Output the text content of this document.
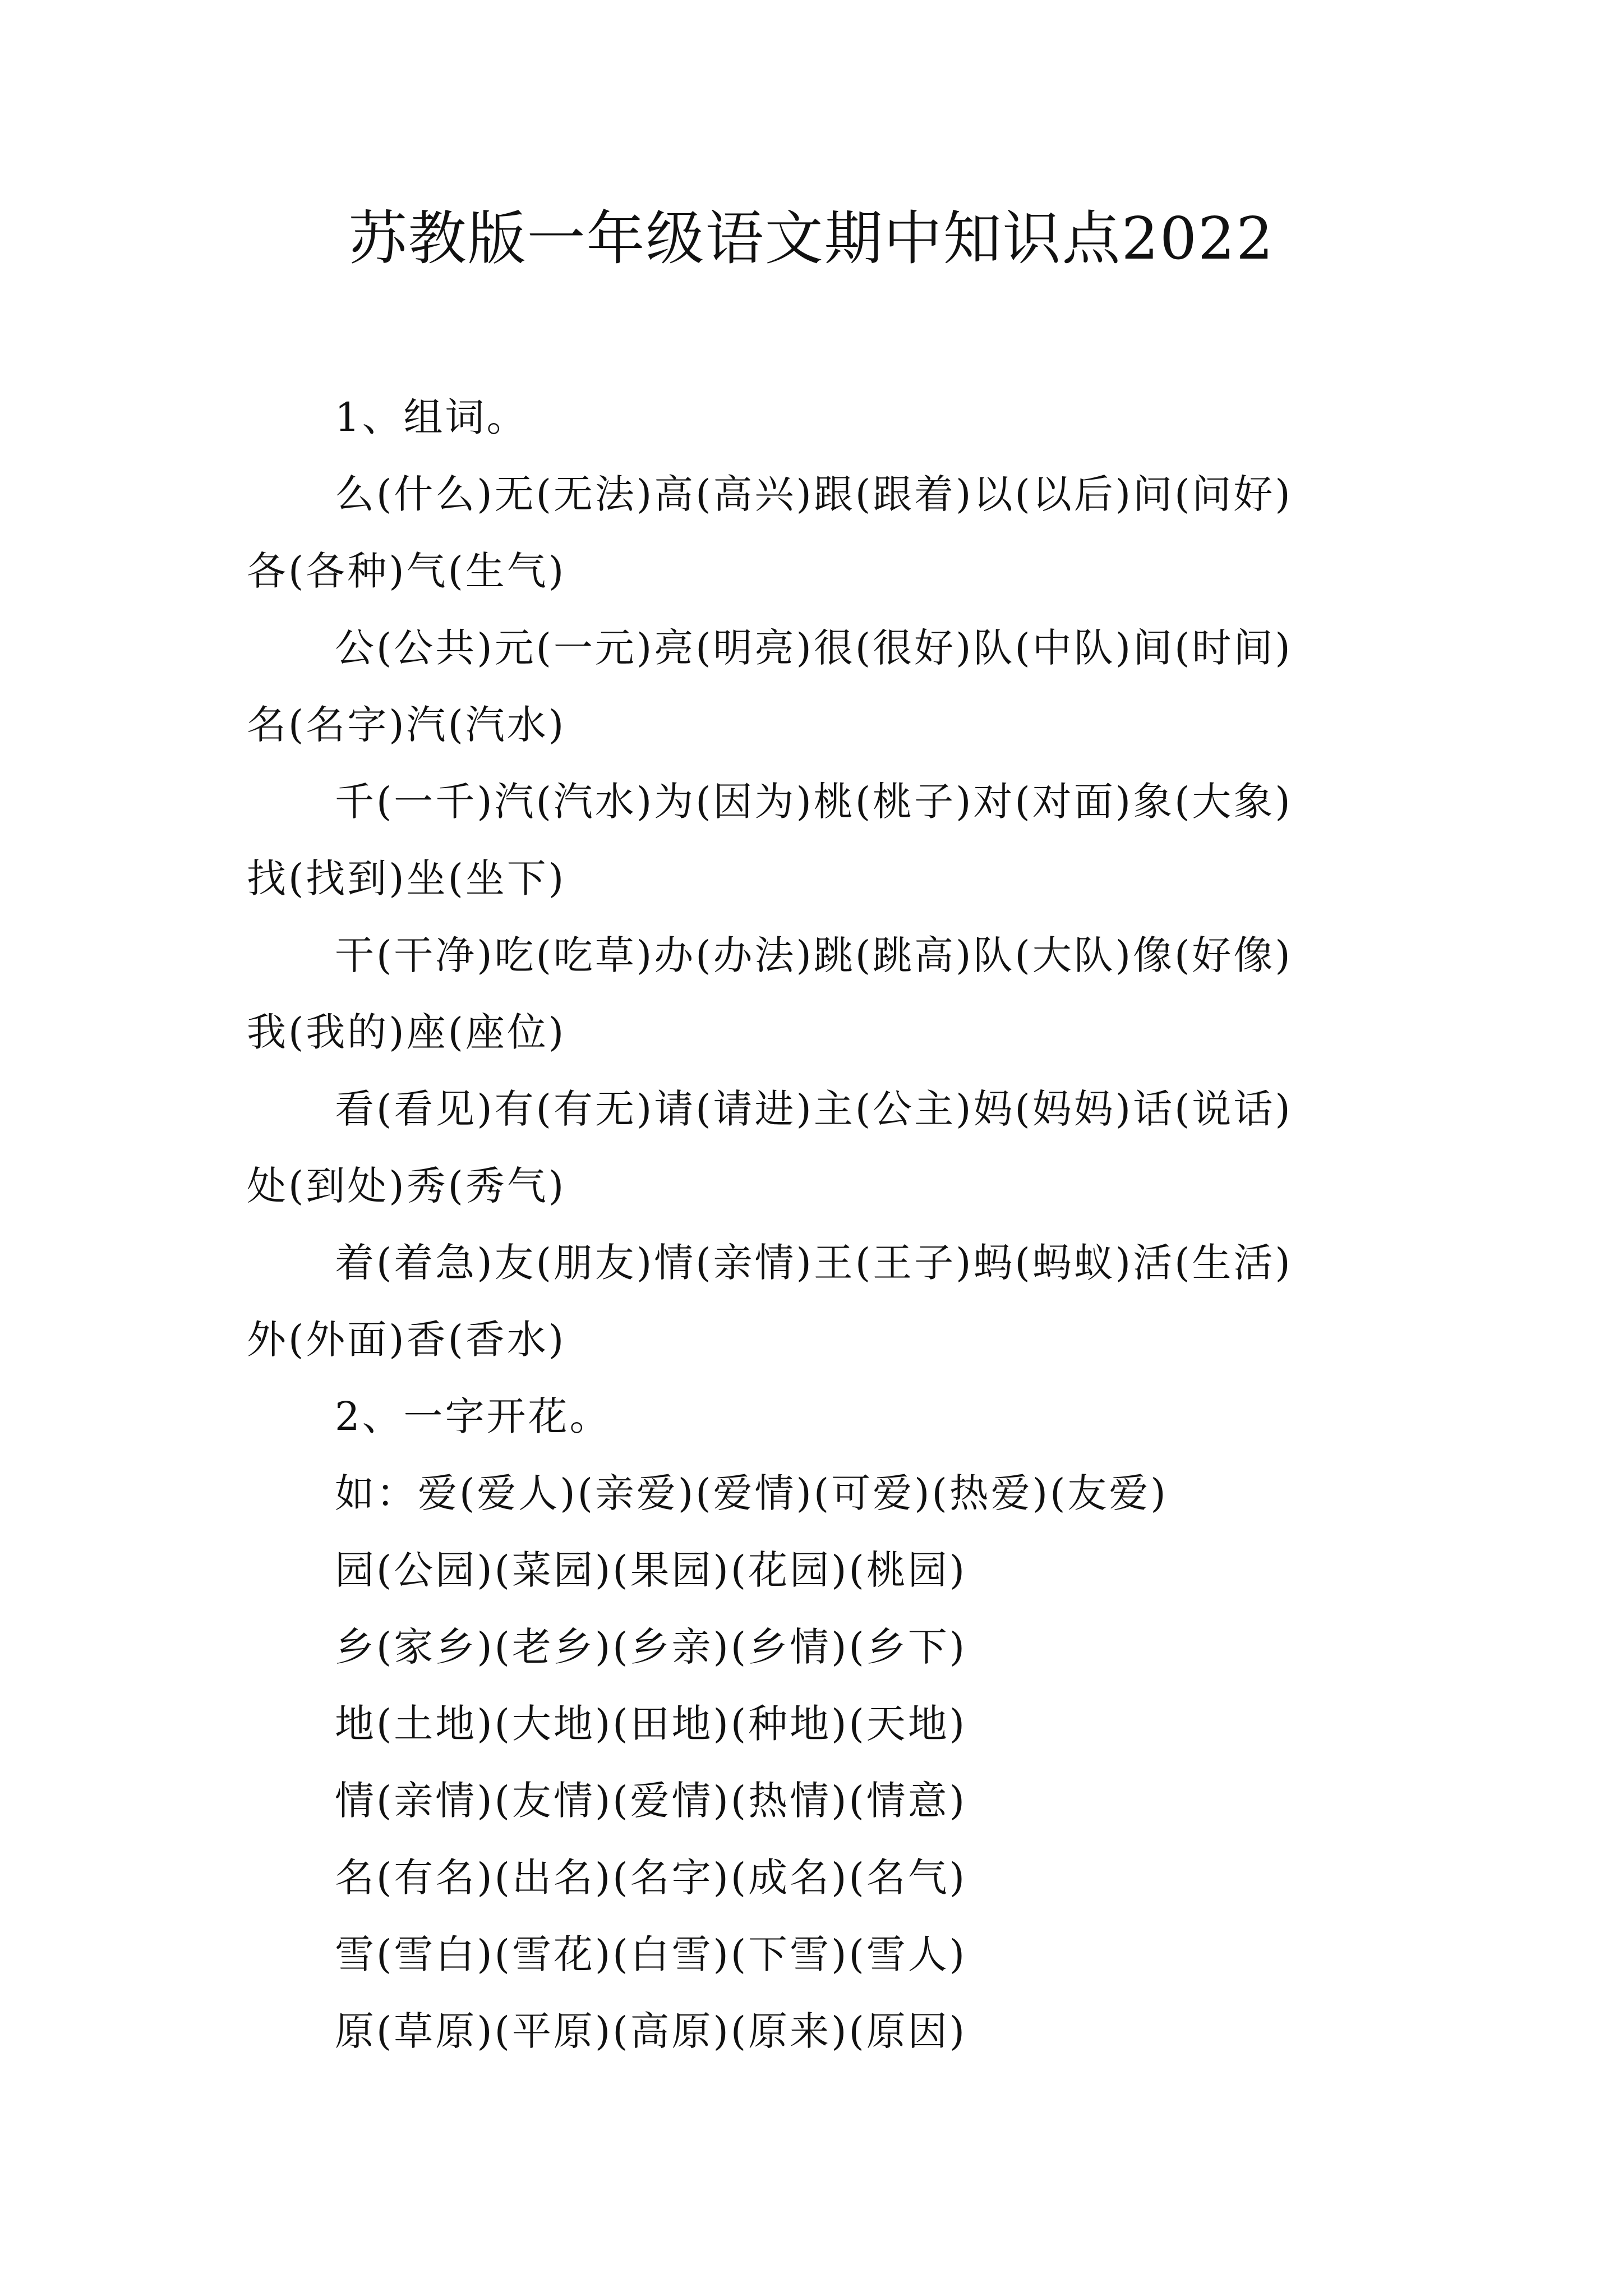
苏教版一年级语文期中知识点2022
1、组词。
么(什么)无(无法)高(高兴)跟(跟着)以(以后)问(问好)
各(各种)气(生气)
公(公共)元(一元)亮(明亮)很(很好)队(中队)间(时间)
名(名字)汽(汽水)
千(一千)汽(汽水)为(因为)桃(桃子)对(对面)象(大象)
找(找到)坐(坐下)
干(干净)吃(吃草)办(办法)跳(跳高)队(大队)像(好像)
我(我的)座(座位)
看(看见)有(有无)请(请进)主(公主)妈(妈妈)话(说话)
处(到处)秀(秀气)
着(着急)友(朋友)情(亲情)王(王子)蚂(蚂蚁)活(生活)
外(外面)香(香水)
2、一字开花。
如：爱(爱人)(亲爱)(爱情)(可爱)(热爱)(友爱)
园(公园)(菜园)(果园)(花园)(桃园)
乡(家乡)(老乡)(乡亲)(乡情)(乡下)
地(土地)(大地)(田地)(种地)(天地)
情(亲情)(友情)(爱情)(热情)(情意)
名(有名)(出名)(名字)(成名)(名气)
雪(雪白)(雪花)(白雪)(下雪)(雪人)
原(草原)(平原)(高原)(原来)(原因)
